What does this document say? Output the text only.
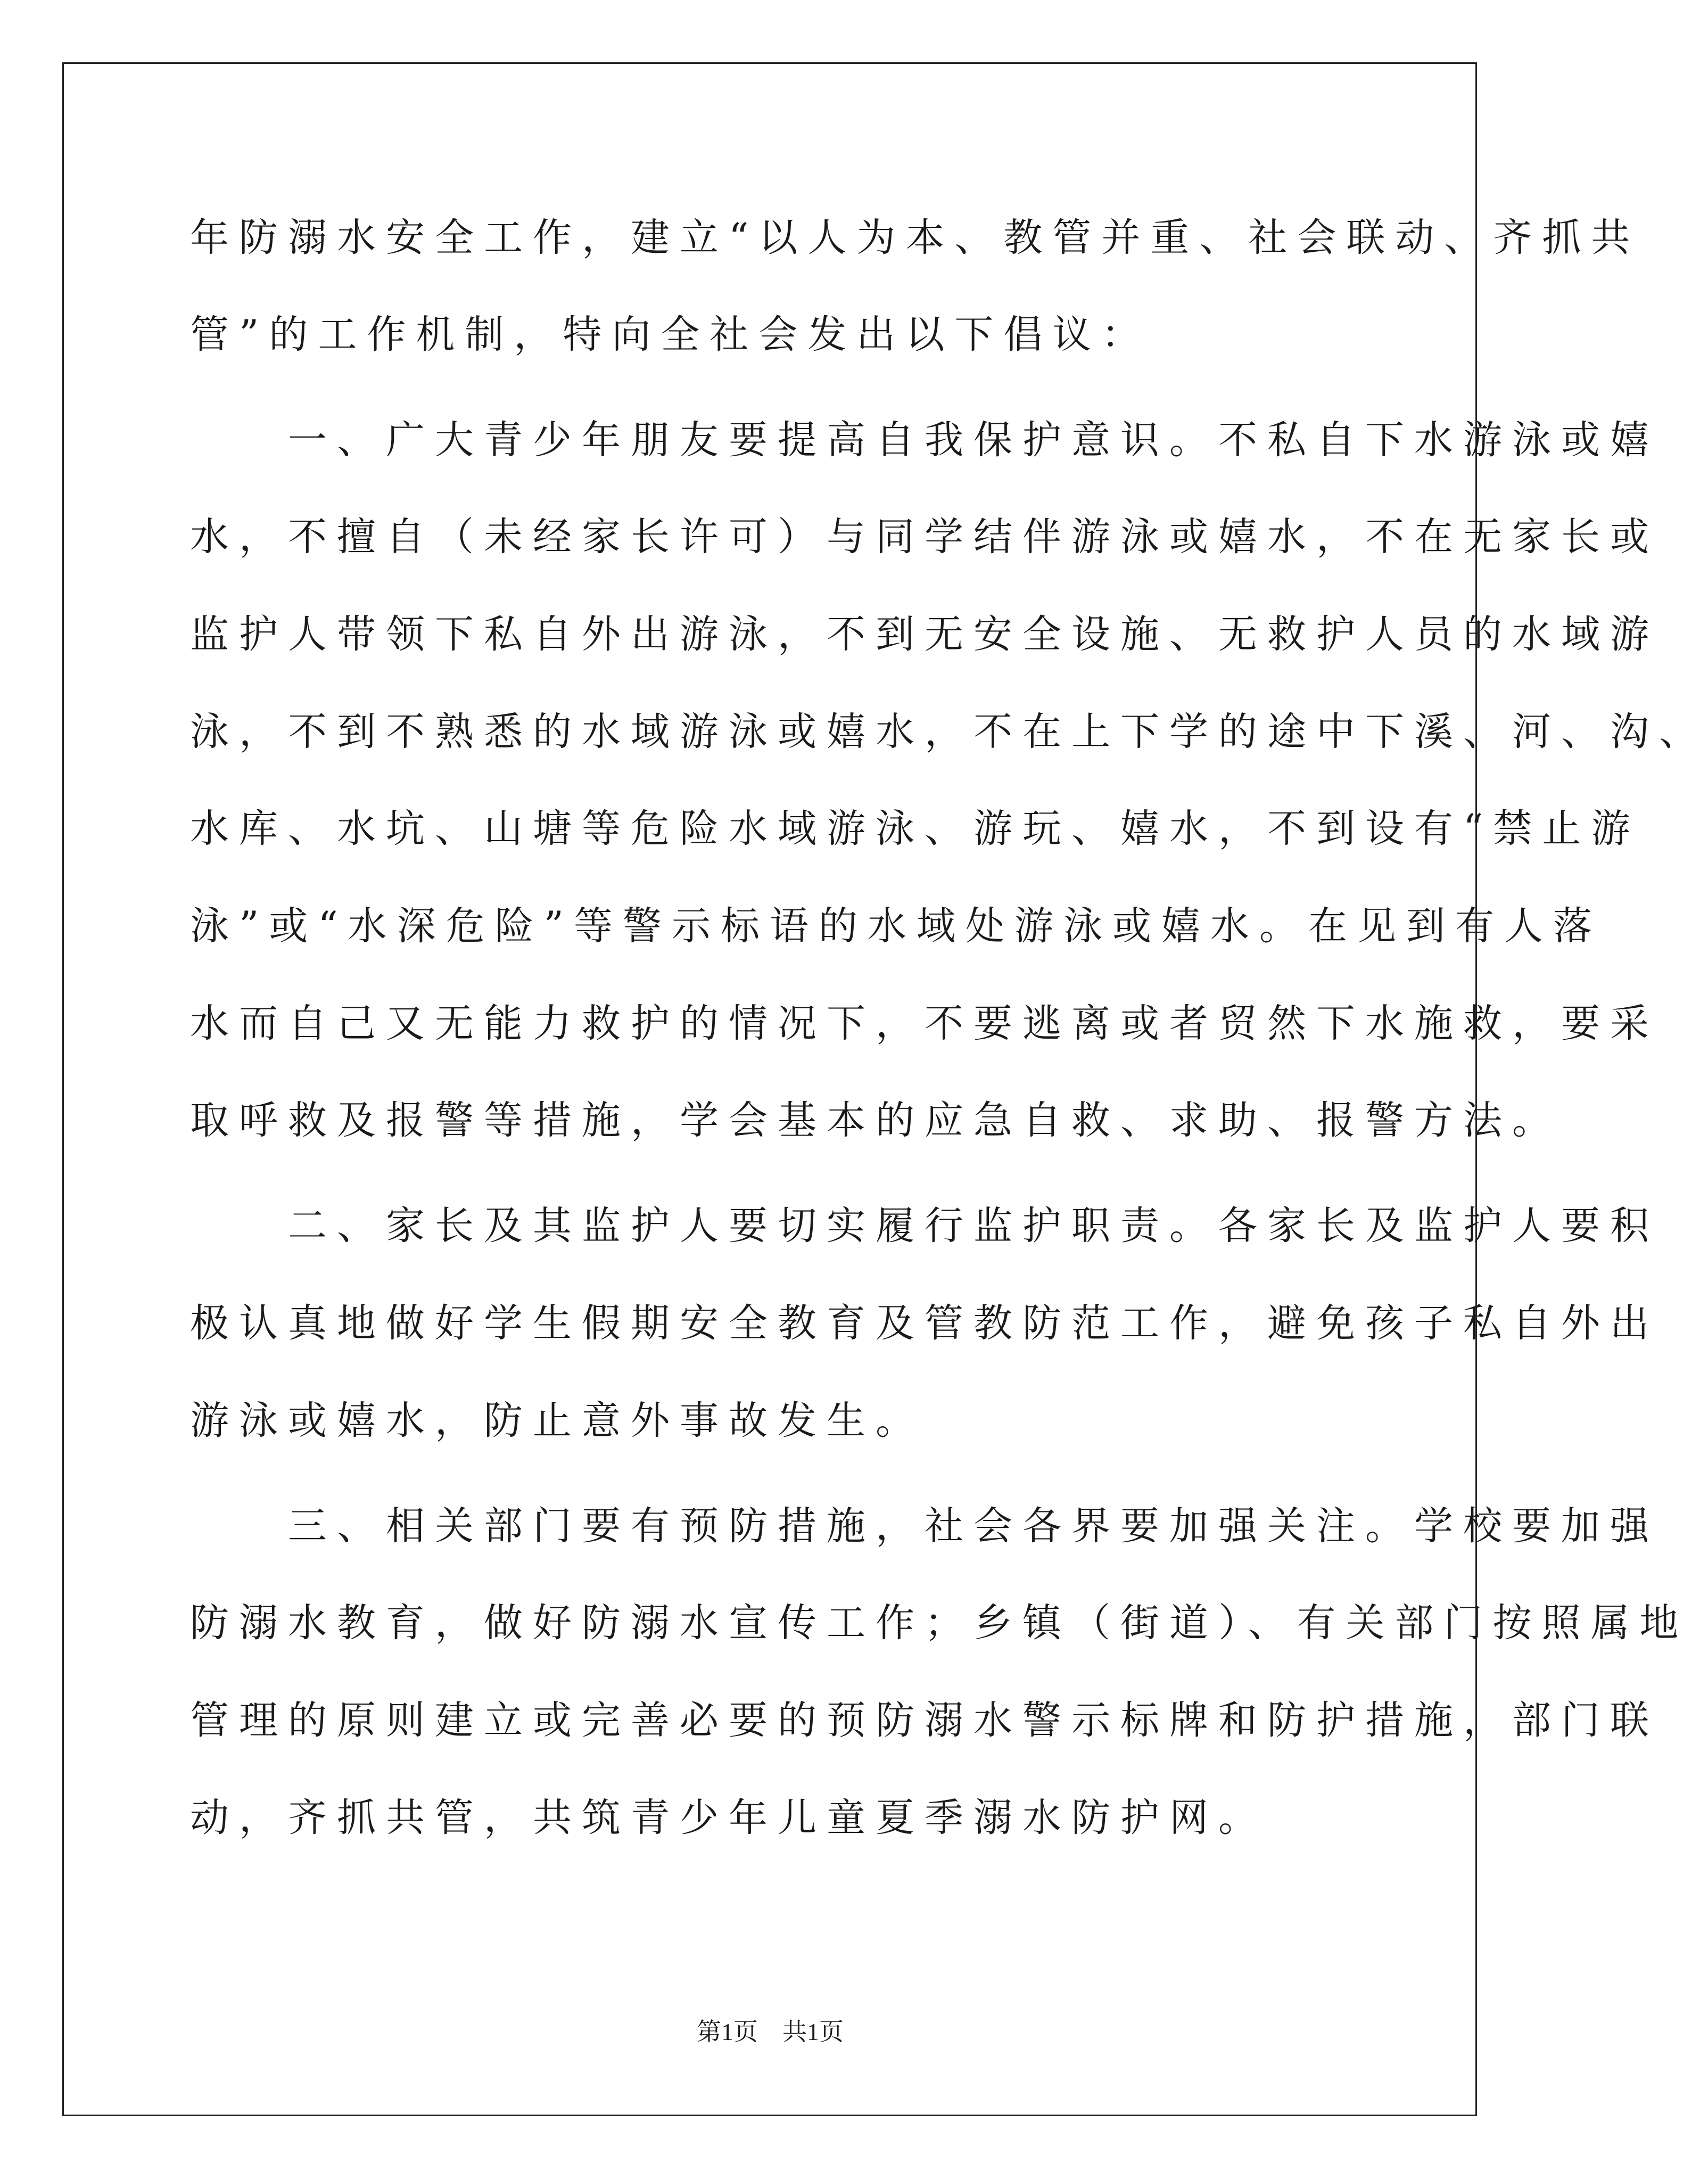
年防溺水安全工作，建立“以人为本、教管并重、社会联动、齐抓共
管”的工作机制，特向全社会发出以下倡议：
　　一、广大青少年朋友要提高自我保护意识。不私自下水游泳或嬉
水，不擅自（未经家长许可）与同学结伴游泳或嬉水，不在无家长或
监护人带领下私自外出游泳，不到无安全设施、无救护人员的水域游
泳，不到不熟悉的水域游泳或嬉水，不在上下学的途中下溪、河、沟、
水库、水坑、山塘等危险水域游泳、游玩、嬉水，不到设有“禁止游
泳”或“水深危险”等警示标语的水域处游泳或嬉水。在见到有人落
水而自己又无能力救护的情况下，不要逃离或者贸然下水施救，要采
取呼救及报警等措施，学会基本的应急自救、求助、报警方法。
　　二、家长及其监护人要切实履行监护职责。各家长及监护人要积
极认真地做好学生假期安全教育及管教防范工作，避免孩子私自外出
游泳或嬉水，防止意外事故发生。
　　三、相关部门要有预防措施，社会各界要加强关注。学校要加强
防溺水教育，做好防溺水宣传工作；乡镇（街道）、有关部门按照属地
管理的原则建立或完善必要的预防溺水警示标牌和防护措施，部门联
动，齐抓共管，共筑青少年儿童夏季溺水防护网。
第1页　共1页
